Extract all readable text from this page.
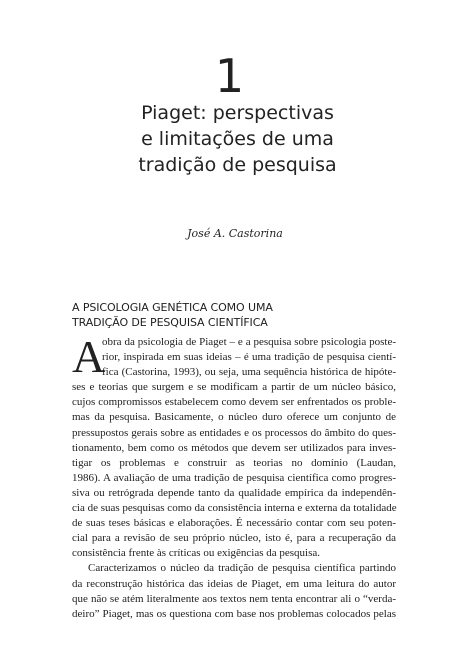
1
Piaget: perspectivas
e limitações de uma
tradição de pesquisa
José A. Castorina
A PSICOLOGIA GENÉTICA COMO UMA
TRADIÇÃO DE PESQUISA CIENTÍFICA
A
obra da psicologia de Piaget – e a pesquisa sobre psicologia poste-
rior, inspirada em suas ideias – é uma tradição de pesquisa cientí-
fica (Castorina, 1993), ou seja, uma sequência histórica de hipóte-
ses e teorias que surgem e se modificam a partir de um núcleo básico,
cujos compromissos estabelecem como devem ser enfrentados os proble-
mas da pesquisa. Basicamente, o núcleo duro oferece um conjunto de
pressupostos gerais sobre as entidades e os processos do âmbito do ques-
tionamento, bem como os métodos que devem ser utilizados para inves-
tigar os problemas e construir as teorias no domínio (Laudan,
1986). A avaliação de uma tradição de pesquisa científica como progres-
siva ou retrógrada depende tanto da qualidade empírica da independên-
cia de suas pesquisas como da consistência interna e externa da totalidade
de suas teses básicas e elaborações. É necessário contar com seu poten-
cial para a revisão de seu próprio núcleo, isto é, para a recuperação da
consistência frente às críticas ou exigências da pesquisa.
Caracterizamos o núcleo da tradição de pesquisa científica partindo
da reconstrução histórica das ideias de Piaget, em uma leitura do autor
que não se atém literalmente aos textos nem tenta encontrar ali o “verda-
deiro” Piaget, mas os questiona com base nos problemas colocados pelas
